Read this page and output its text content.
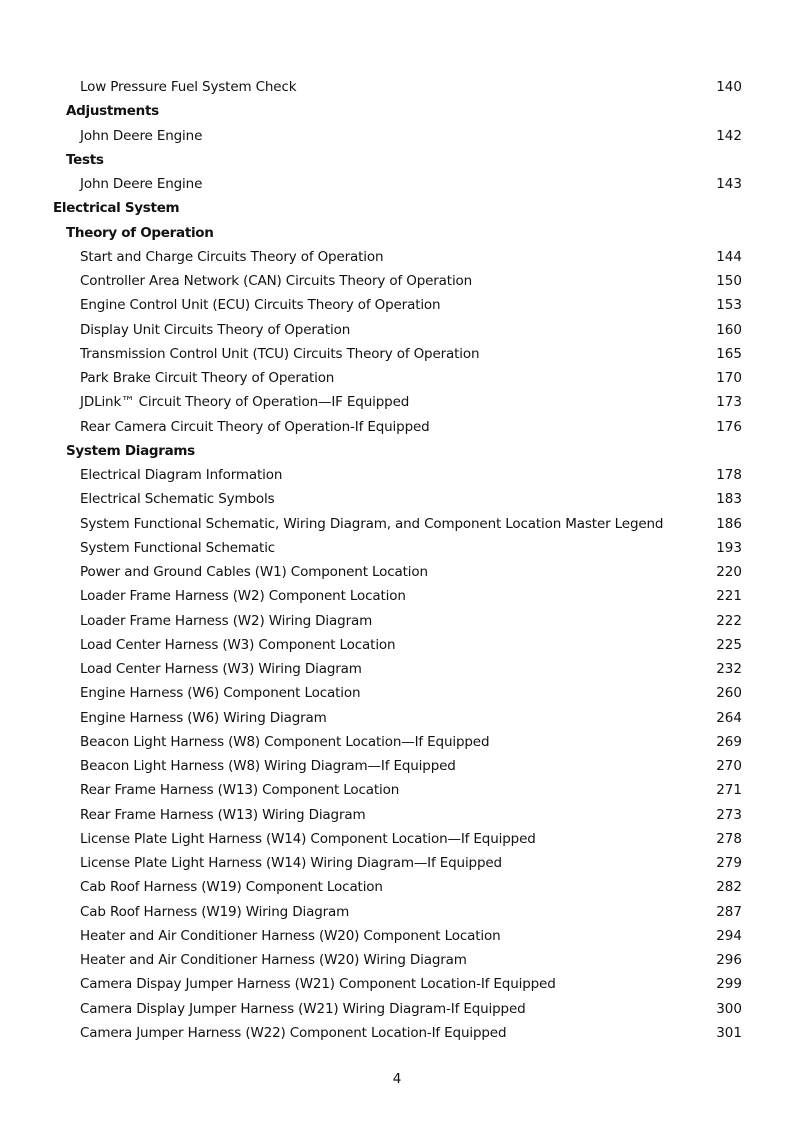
Low Pressure Fuel System Check	140
Adjustments
John Deere Engine	142
Tests
John Deere Engine	143
Electrical System
Theory of Operation
Start and Charge Circuits Theory of Operation	144
Controller Area Network (CAN) Circuits Theory of Operation	150
Engine Control Unit (ECU) Circuits Theory of Operation	153
Display Unit Circuits Theory of Operation	160
Transmission Control Unit (TCU) Circuits Theory of Operation	165
Park Brake Circuit Theory of Operation	170
JDLink™ Circuit Theory of Operation—IF Equipped	173
Rear Camera Circuit Theory of Operation-If Equipped	176
System Diagrams
Electrical Diagram Information	178
Electrical Schematic Symbols	183
System Functional Schematic, Wiring Diagram, and Component Location Master Legend	186
System Functional Schematic	193
Power and Ground Cables (W1) Component Location	220
Loader Frame Harness (W2) Component Location	221
Loader Frame Harness (W2) Wiring Diagram	222
Load Center Harness (W3) Component Location	225
Load Center Harness (W3) Wiring Diagram	232
Engine Harness (W6) Component Location	260
Engine Harness (W6) Wiring Diagram	264
Beacon Light Harness (W8) Component Location—If Equipped	269
Beacon Light Harness (W8) Wiring Diagram—If Equipped	270
Rear Frame Harness (W13) Component Location	271
Rear Frame Harness (W13) Wiring Diagram	273
License Plate Light Harness (W14) Component Location—If Equipped	278
License Plate Light Harness (W14) Wiring Diagram—If Equipped	279
Cab Roof Harness (W19) Component Location	282
Cab Roof Harness (W19) Wiring Diagram	287
Heater and Air Conditioner Harness (W20) Component Location	294
Heater and Air Conditioner Harness (W20) Wiring Diagram	296
Camera Dispay Jumper Harness (W21) Component Location-If Equipped	299
Camera Display Jumper Harness (W21) Wiring Diagram-If Equipped	300
Camera Jumper Harness (W22) Component Location-If Equipped	301
4
